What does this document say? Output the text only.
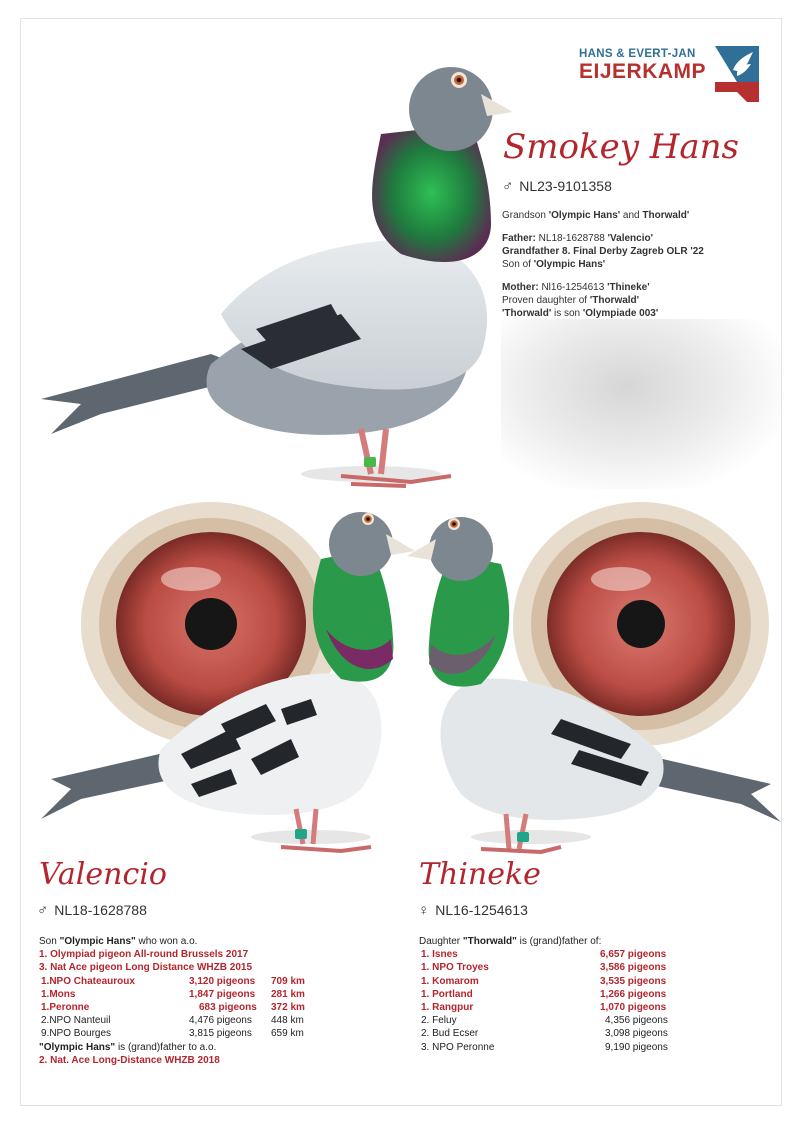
HANS & EVERT-JAN
EIJERKAMP
Smokey Hans
♂ NL23-9101358

Grandson 'Olympic Hans' and Thorwald'

Father: NL18-1628788 'Valencio'
Grandfather 8. Final Derby Zagreb OLR '22
Son of 'Olympic Hans'

Mother: Nl16-1254613 'Thineke'
Proven daughter of 'Thorwald'
'Thorwald' is son 'Olympiade 003'

Valencio
♂ NL18-1628788
Son "Olympic Hans" who won a.o.
1. Olympiad pigeon All-round Brussels 2017
3. Nat Ace pigeon Long Distance WHZB 2015
1.NPO Chateauroux	3,120 pigeons 709 km
1.Mons	1,847 pigeons 281 km
1.Peronne	683 pigeons 372 km
2.NPO Nanteuil	4,476 pigeons 448 km
9.NPO Bourges	3,815 pigeons 659 km
"Olympic Hans" is (grand)father to a.o.
2. Nat. Ace Long-Distance WHZB 2018
Thineke
♀ NL16-1254613
Daughter "Thorwald" is (grand)father of:
1. Isnes	6,657 pigeons
1. NPO Troyes	3,586 pigeons
1. Komarom	3,535 pigeons
1. Portland	1,266 pigeons
1. Rangpur	1,070 pigeons
2. Feluy	4,356 pigeons
2. Bud Ecser	3,098 pigeons
3. NPO Peronne	9,190 pigeons
